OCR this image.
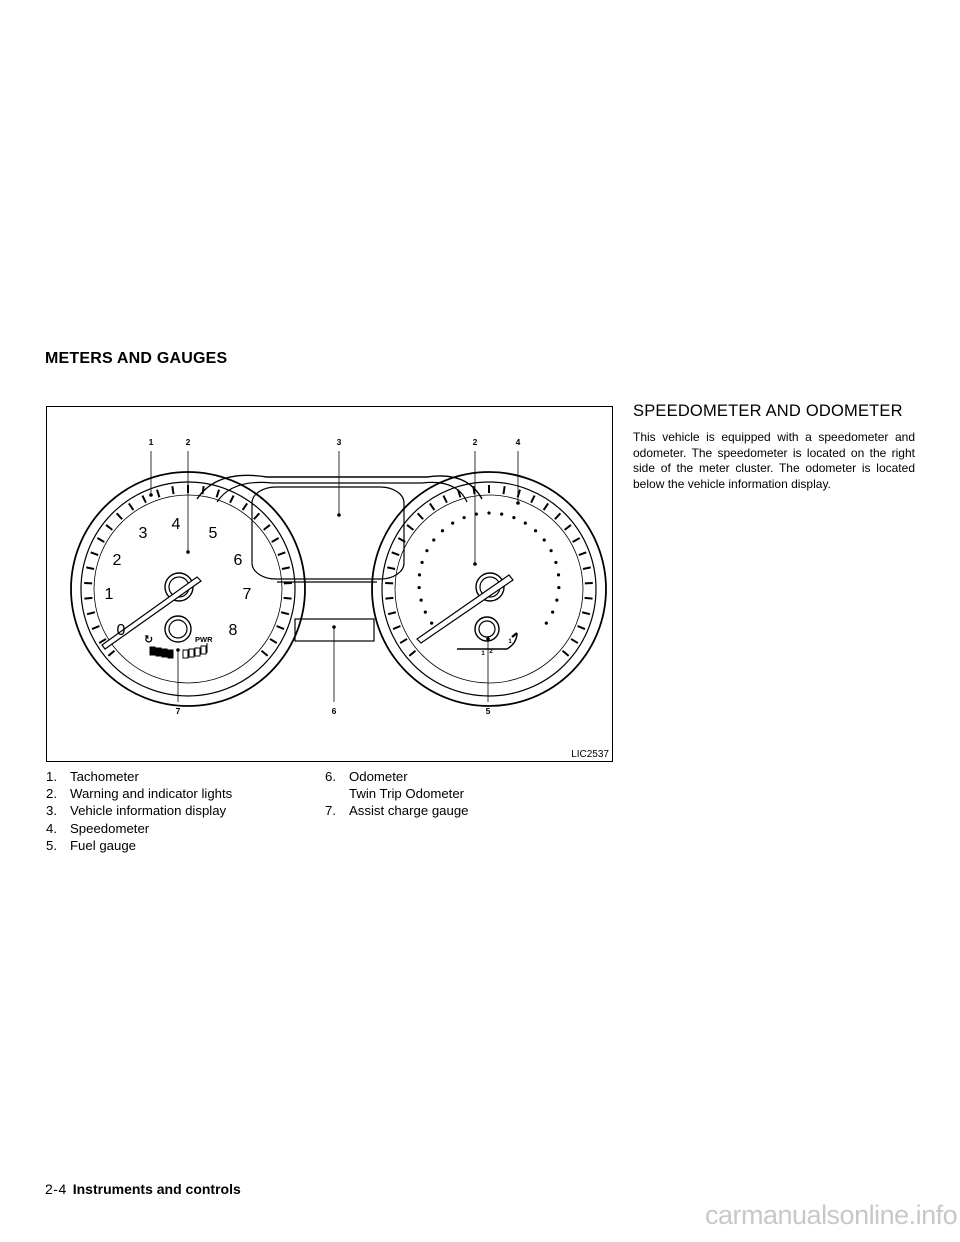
METERS AND GAUGES
1	2	3	2	4
7	6	5
0
1
2
3
4
5
6
7
8
↻	PWR
1 2
1
LIC2537
1. Tachometer
2. Warning and indicator lights
3. Vehicle information display
4. Speedometer
5. Fuel gauge
6. Odometer
Twin Trip Odometer
7. Assist charge gauge
SPEEDOMETER AND ODOMETER
This vehicle is equipped with a speedometer and odometer. The speedometer is located on the right side of the meter cluster. The odometer is located below the vehicle information display.
2-4 Instruments and controls
carmanualsonline.info
